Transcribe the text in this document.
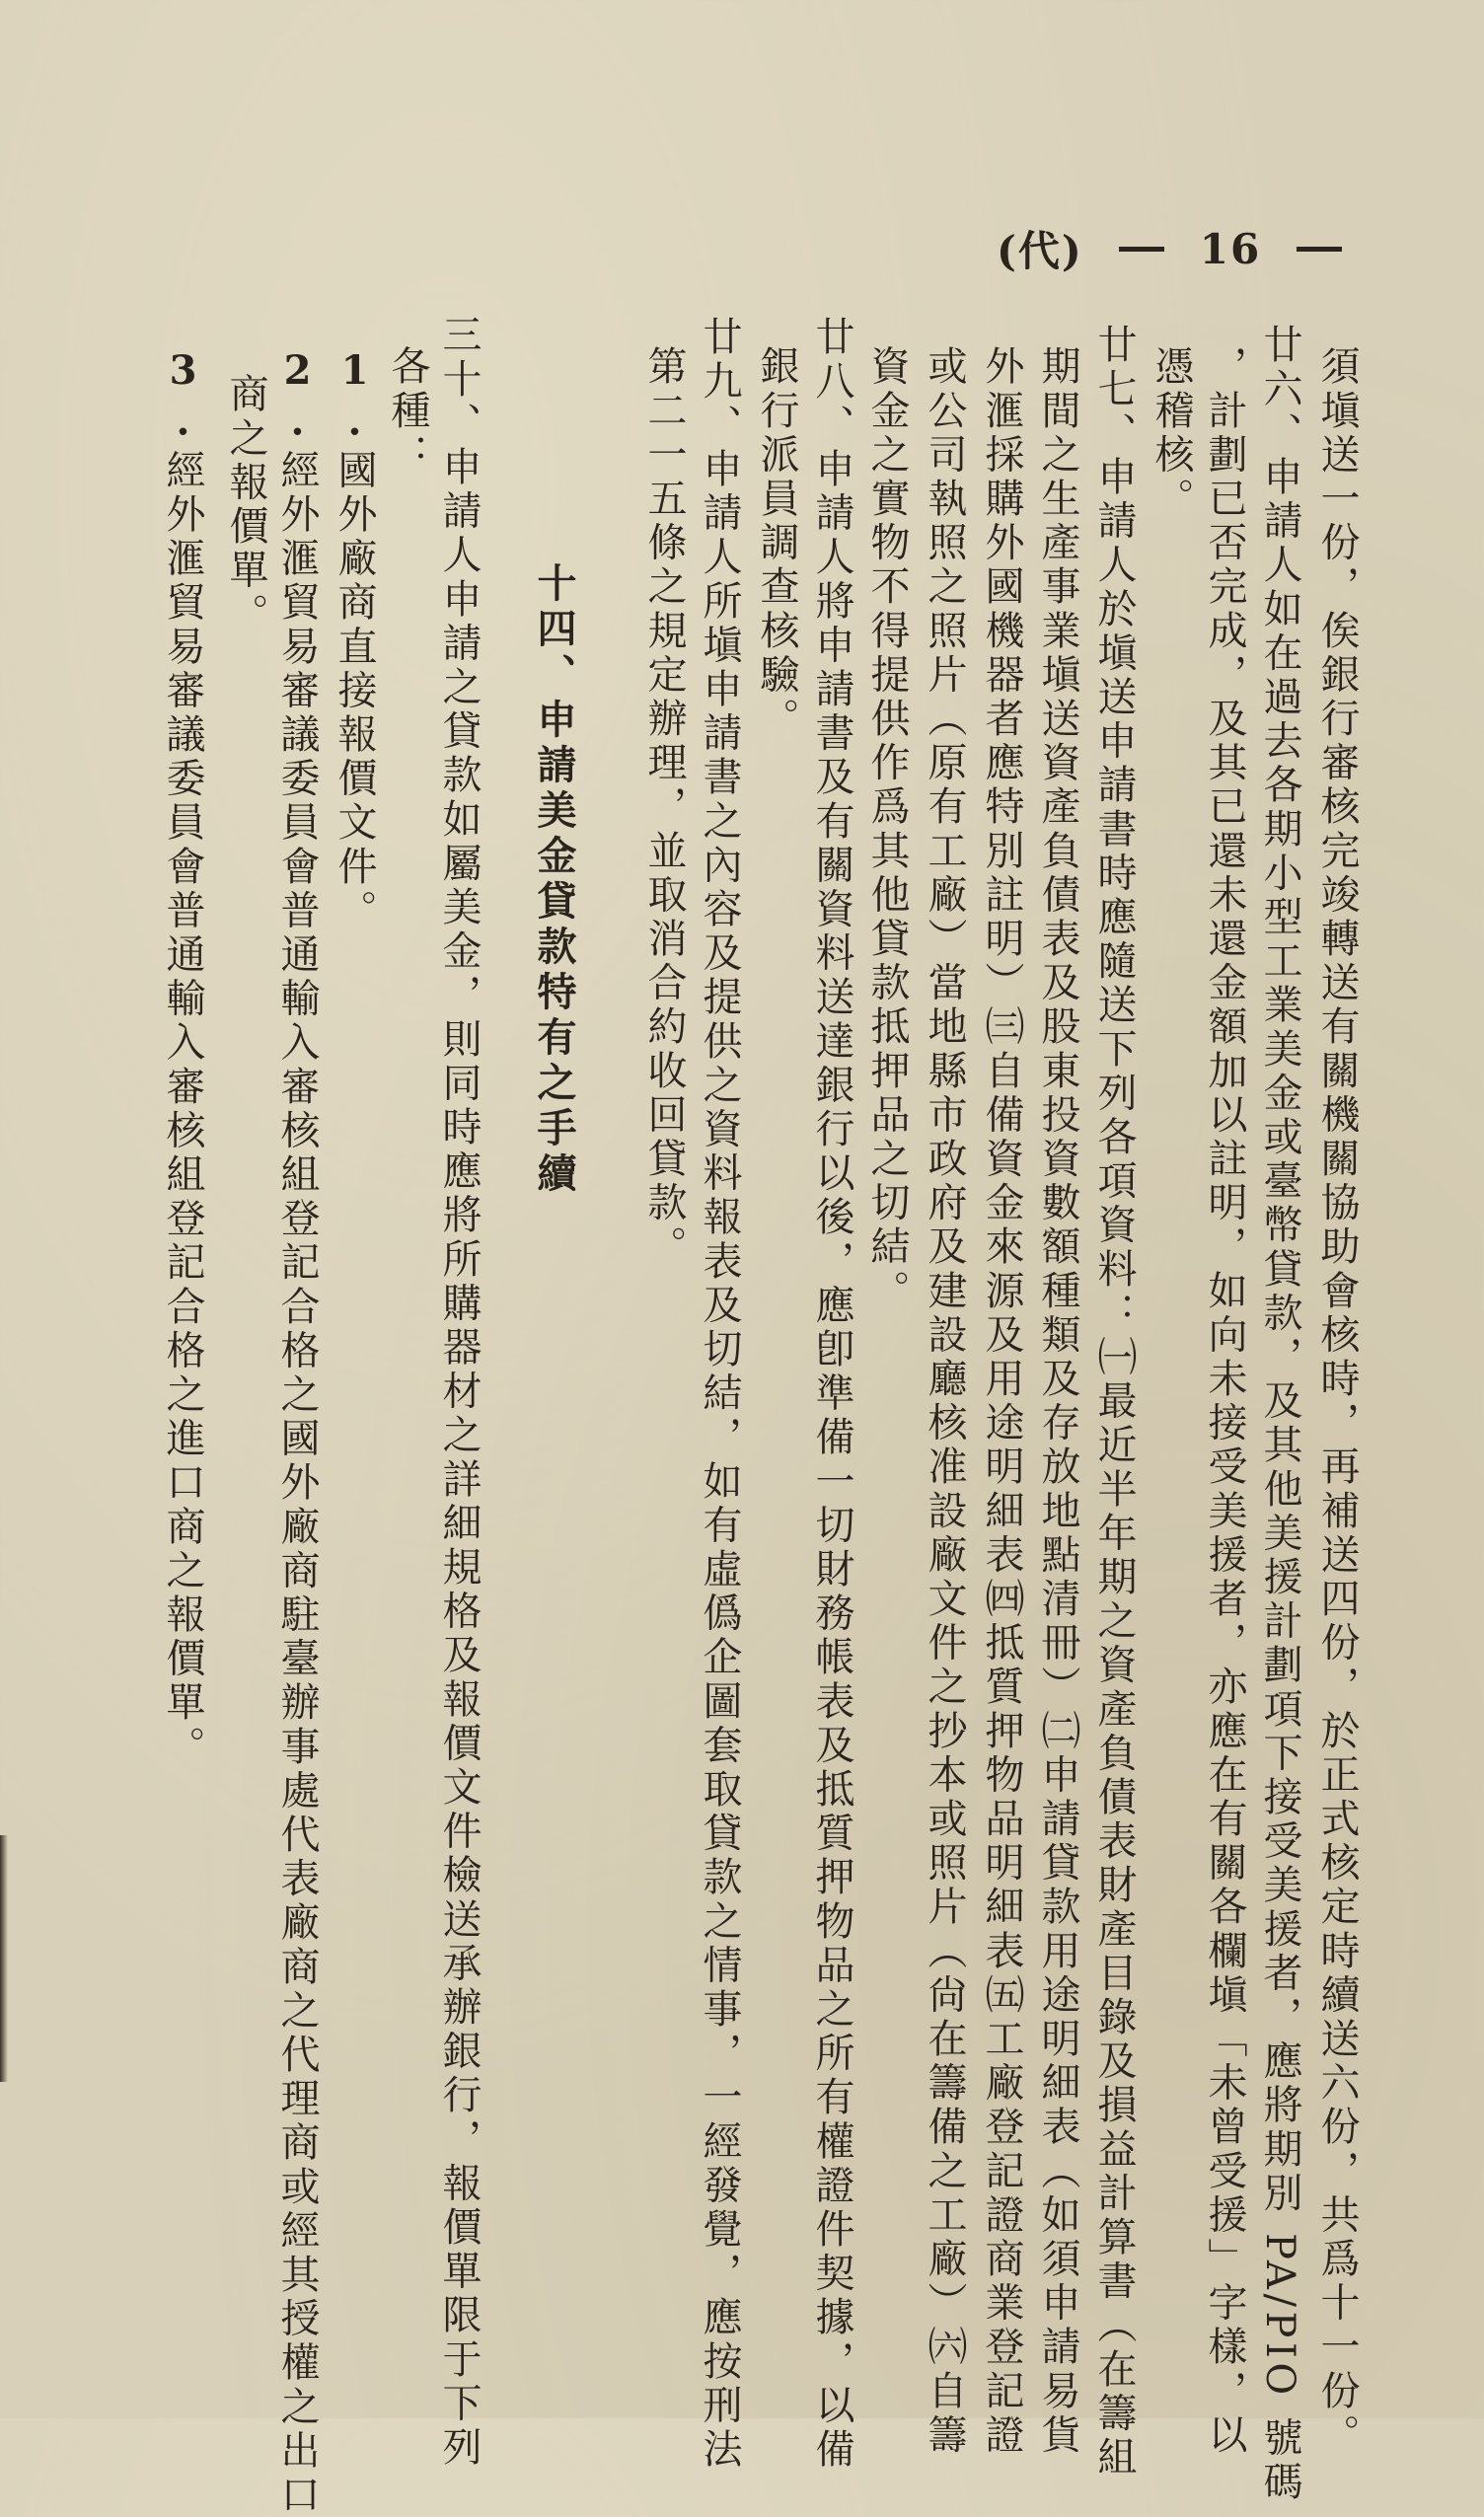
(代)	16
須塡送一份，俟銀行審核完竣轉送有關機關協助會核時，再補送四份，於正式核定時續送六份，共爲十一份。
廿六、申請人如在過去各期小型工業美金或臺幣貸款，及其他美援計劃項下接受美援者，應將期別 PA/PIO 號碼
，計劃已否完成，及其已還未還金額加以註明，如向未接受美援者，亦應在有關各欄塡「未曾受援」字樣，以
憑稽核。
廿七、申請人於塡送申請書時應隨送下列各項資料：㈠最近半年期之資產負債表財產目錄及損益計算書（在籌組
期間之生產事業塡送資產負債表及股東投資數額種類及存放地點清冊）㈡申請貸款用途明細表（如須申請易貨
外滙採購外國機器者應特別註明）㈢自備資金來源及用途明細表㈣抵質押物品明細表㈤工廠登記證商業登記證
或公司執照之照片（原有工廠）當地縣市政府及建設廳核准設廠文件之抄本或照片（尙在籌備之工廠）㈥自籌
資金之實物不得提供作爲其他貸款抵押品之切結。
廿八、申請人將申請書及有關資料送達銀行以後，應卽準備一切財務帳表及抵質押物品之所有權證件契據，以備
銀行派員調查核驗。
廿九、申請人所塡申請書之內容及提供之資料報表及切結，如有虛僞企圖套取貸款之情事，一經發覺，應按刑法
第二一五條之規定辦理，並取消合約收回貸款。
十四、申請美金貸款特有之手續
三十、申請人申請之貸款如屬美金，則同時應將所購器材之詳細規格及報價文件檢送承辦銀行，報價單限于下列
各種：
1.國外廠商直接報價文件。
2.經外滙貿易審議委員會普通輸入審核組登記合格之國外廠商駐臺辦事處代表廠商之代理商或經其授權之出口
商之報價單。
3.經外滙貿易審議委員會普通輸入審核組登記合格之進口商之報價單。
